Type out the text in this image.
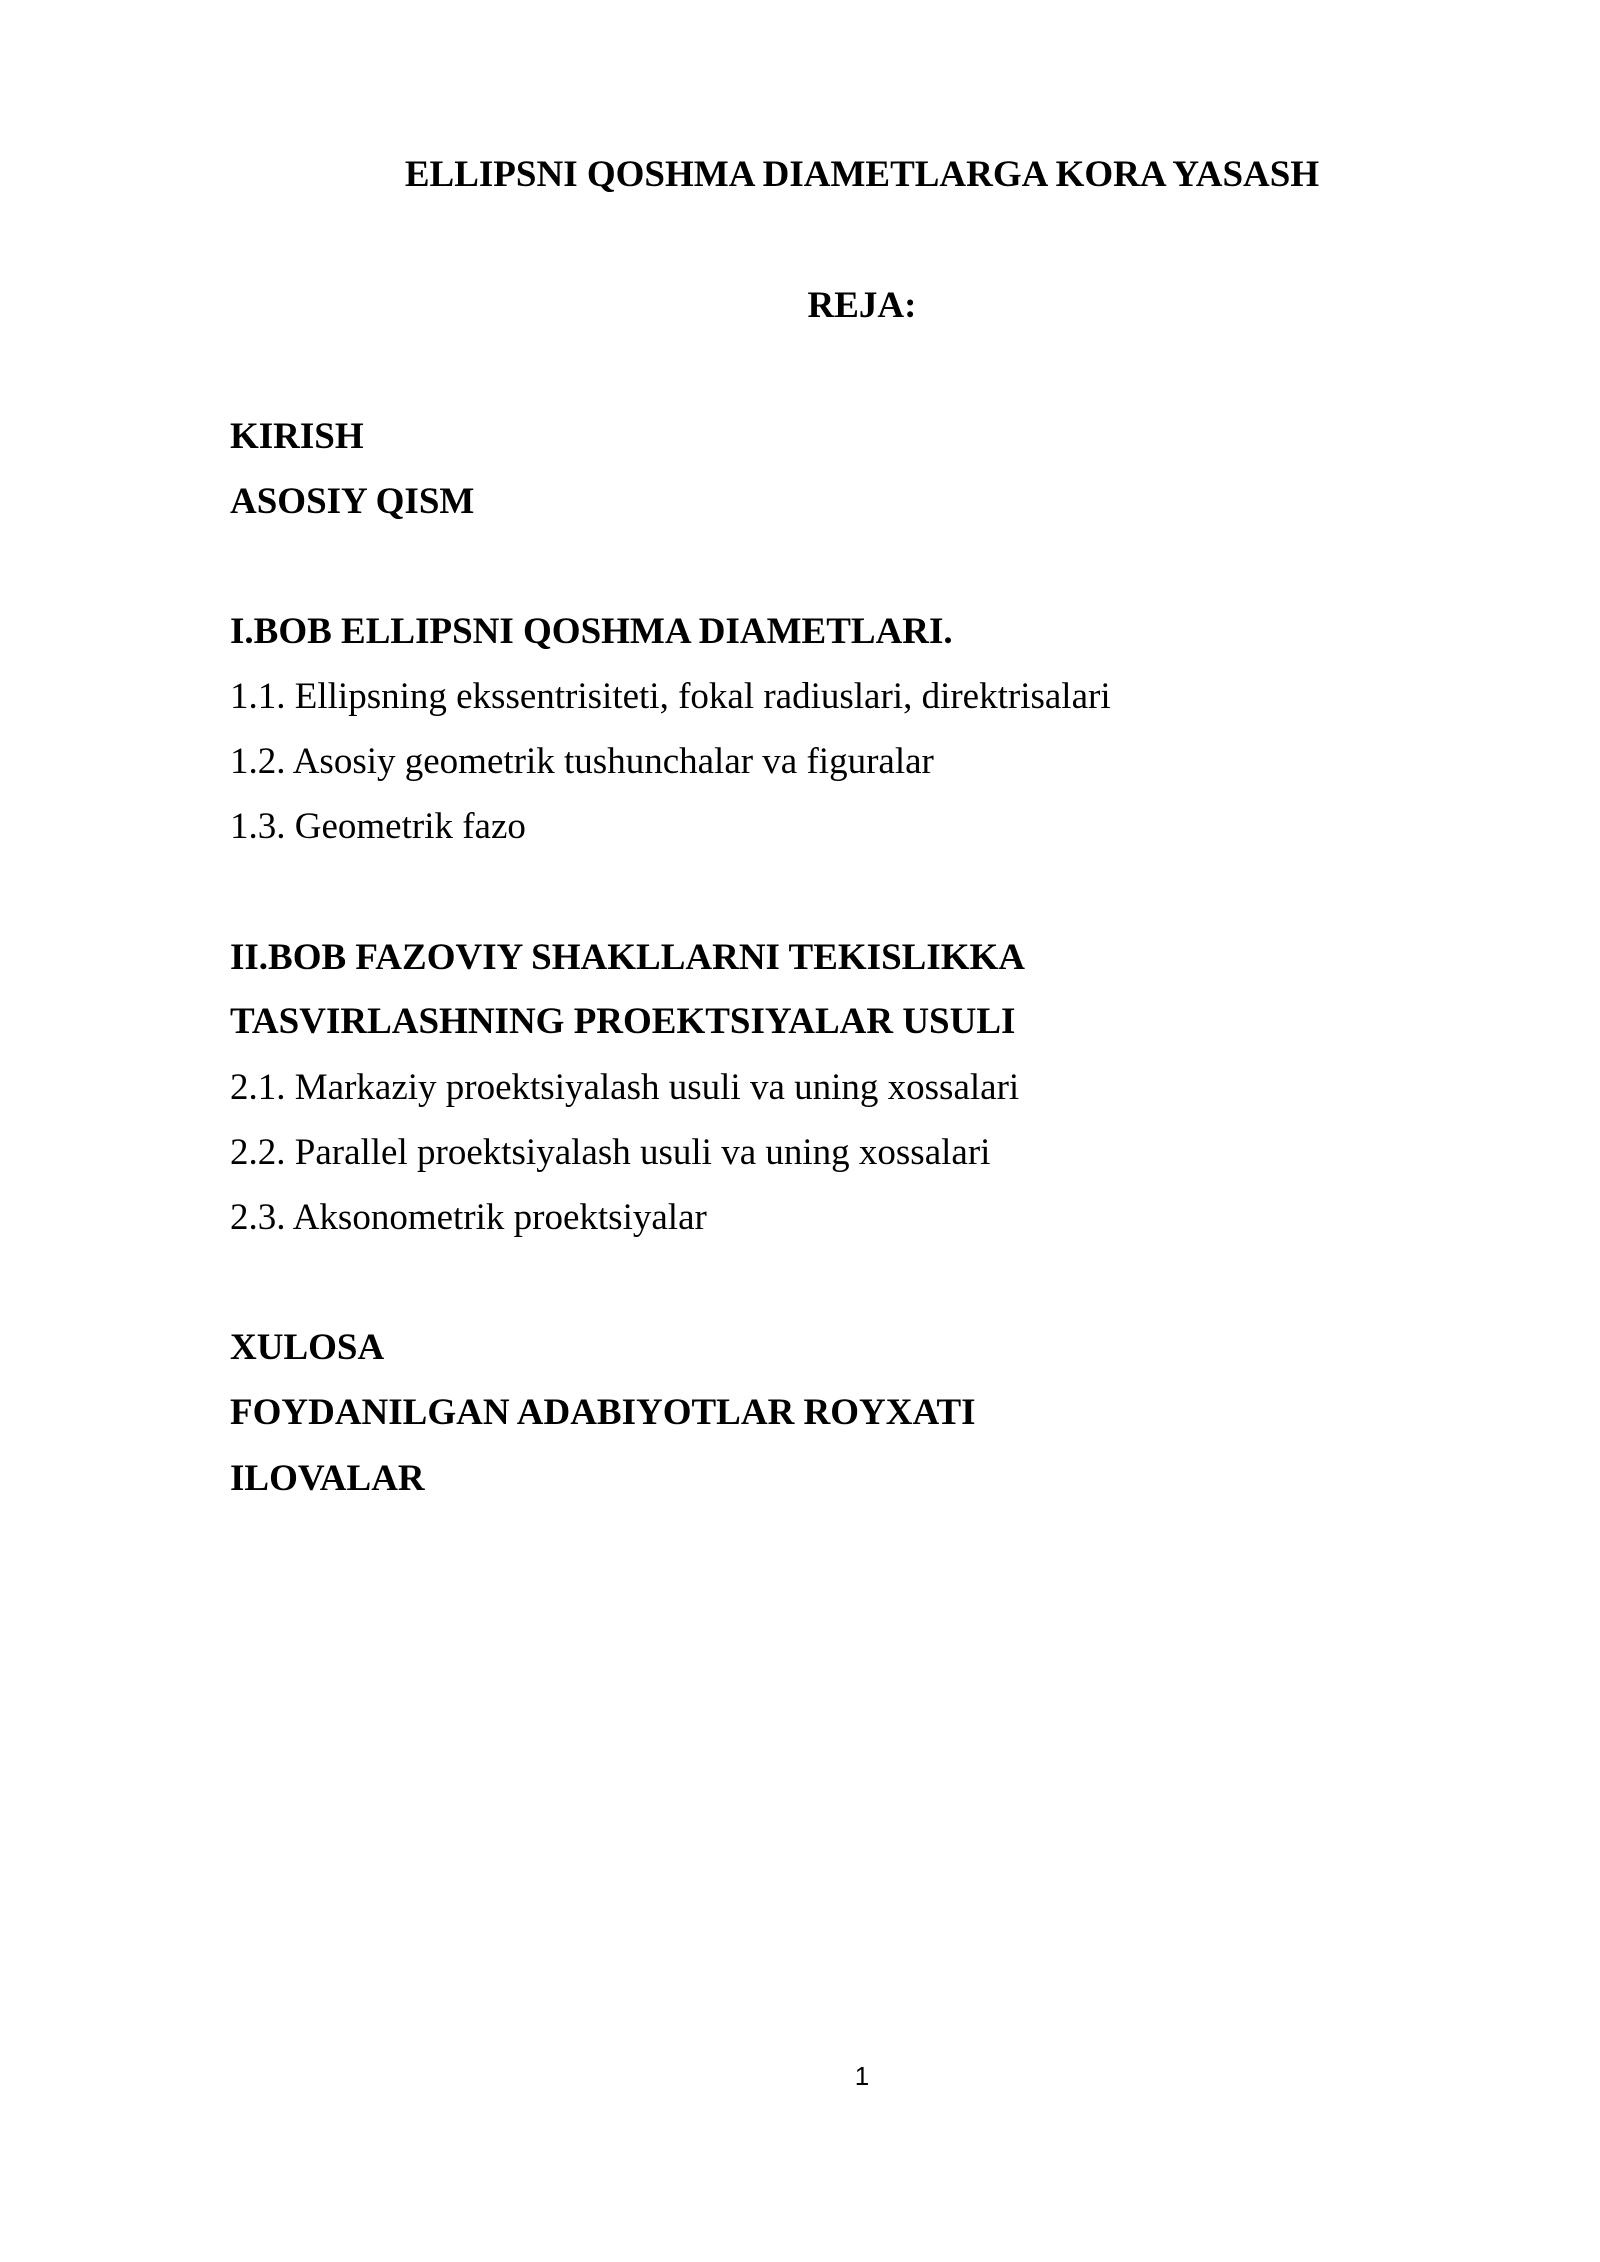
ELLIPSNI QOSHMA DIAMETLARGA KORA YASASH
REJA:
KIRISH
ASOSIY QISM
I.BOB ELLIPSNI QOSHMA DIAMETLARI.
1.1. Ellipsning ekssentrisiteti, fokal radiuslari, direktrisalari
1.2. Asosiy geometrik tushunchalar va figuralar
1.3. Geometrik fazo
II.BOB FAZOVIY SHAKLLARNI TEKISLIKKA
TASVIRLASHNING PROEKTSIYALAR USULI
2.1. Markaziy proektsiyalash usuli va uning xossalari
2.2. Parallel proektsiyalash usuli va uning xossalari
2.3. Aksonometrik proektsiyalar
XULOSA
FOYDANILGAN ADABIYOTLAR ROYXATI
ILOVALAR
1
